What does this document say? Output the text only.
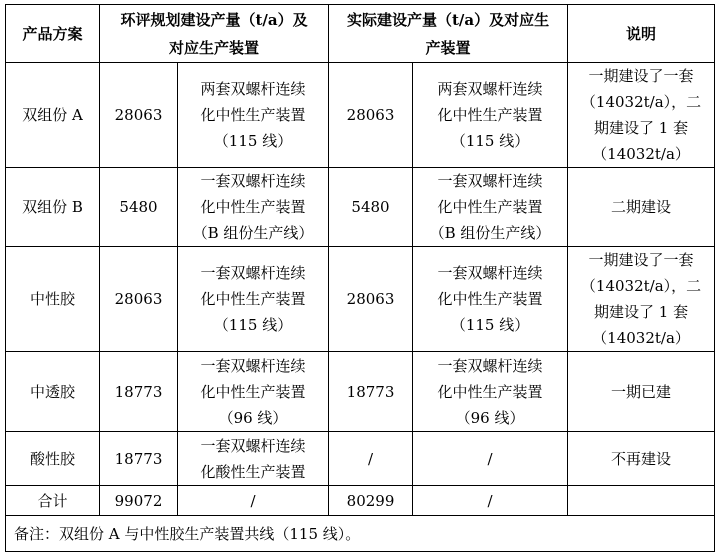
产品方案	环评规划建设产量（t/a）及
对应生产装置		实际建设产量（t/a）及对应生
产装置		说明
双组份 A	28063	两套双螺杆连续
化中性生产装置
（115 线）	28063	两套双螺杆连续
化中性生产装置
（115 线）	一期建设了一套
（14032t/a），二
期建设了 1 套
（14032t/a）

双组份 B	5480	一套双螺杆连续
化中性生产装置
（B 组份生产线）	5480	一套双螺杆连续
化中性生产装置
（B 组份生产线）	二期建设
中性胶	28063	一套双螺杆连续
化中性生产装置
（115 线）	28063	一套双螺杆连续
化中性生产装置
（115 线）	一期建设了一套
（14032t/a），二
期建设了 1 套
（14032t/a）

中透胶	18773	一套双螺杆连续
化中性生产装置
（96 线）	18773	一套双螺杆连续
化中性生产装置
（96 线）	一期已建
酸性胶	18773	一套双螺杆连续
化酸性生产装置	/	/	不再建设
合计	99072	/	80299	/	
备注：双组份 A 与中性胶生产装置共线（115 线）。					
